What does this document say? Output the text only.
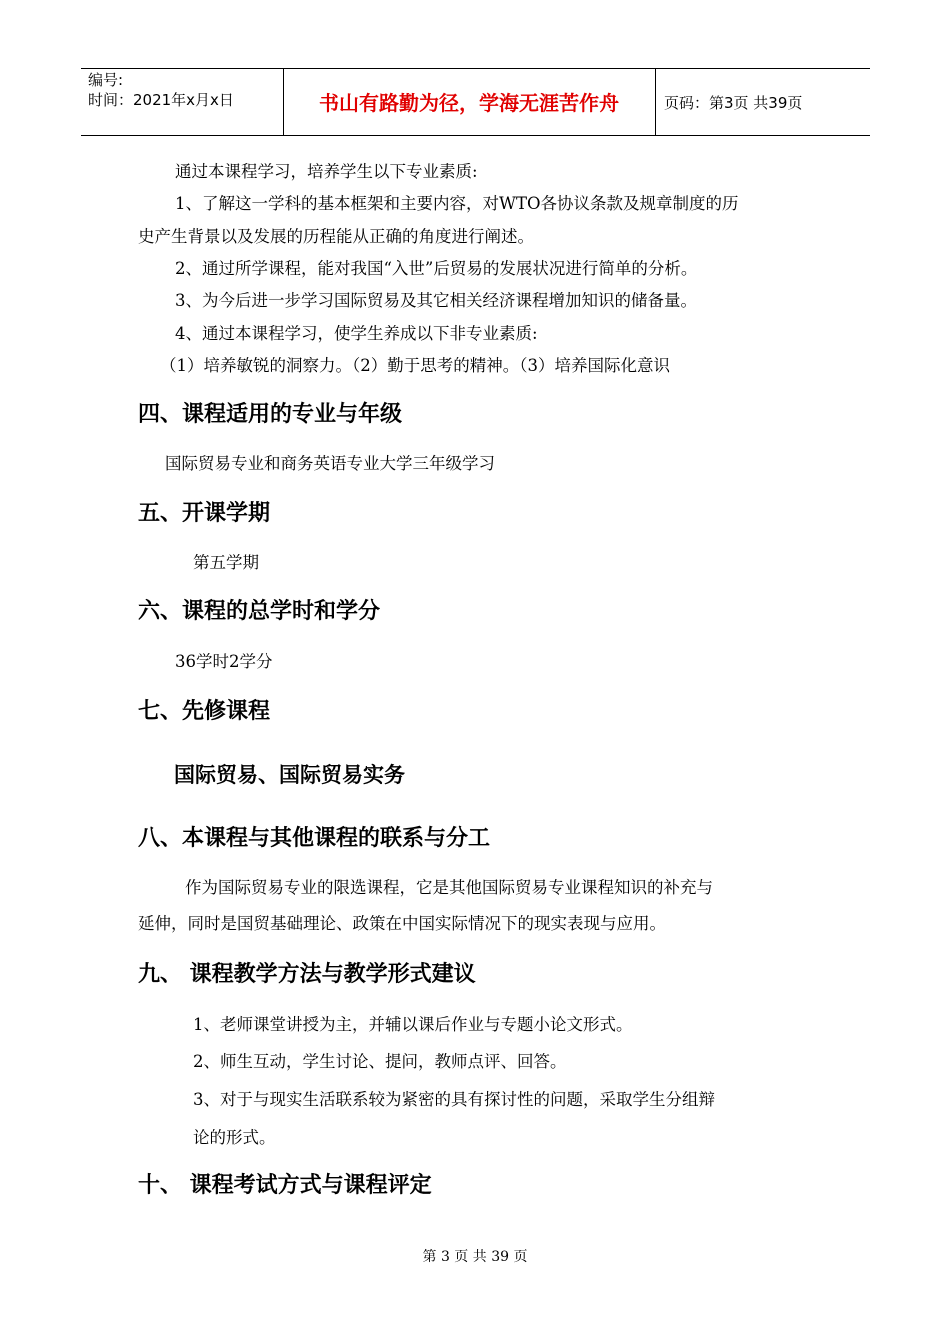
编号:
时间：2021年x月x日	书山有路勤为径，学海无涯苦作舟	页码：第3页 共39页
通过本课程学习，培养学生以下专业素质:
1、了解这一学科的基本框架和主要内容，对WTO各协议条款及规章制度的历
史产生背景以及发展的历程能从正确的角度进行阐述。
2、通过所学课程，能对我国“入世”后贸易的发展状况进行简单的分析。
3、为今后进一步学习国际贸易及其它相关经济课程增加知识的储备量。
4、通过本课程学习，使学生养成以下非专业素质:
（1）培养敏锐的洞察力。（2）勤于思考的精神。（3）培养国际化意识
四、课程适用的专业与年级
国际贸易专业和商务英语专业大学三年级学习
五、开课学期
第五学期
六、课程的总学时和学分
36学时2学分
七、先修课程
国际贸易、国际贸易实务
八、本课程与其他课程的联系与分工
作为国际贸易专业的限选课程，它是其他国际贸易专业课程知识的补充与
延伸，同时是国贸基础理论、政策在中国实际情况下的现实表现与应用。
九、 课程教学方法与教学形式建议
1、老师课堂讲授为主，并辅以课后作业与专题小论文形式。
2、师生互动，学生讨论、提问，教师点评、回答。
3、对于与现实生活联系较为紧密的具有探讨性的问题，采取学生分组辩
论的形式。
十、 课程考试方式与课程评定
第 3 页 共 39 页
